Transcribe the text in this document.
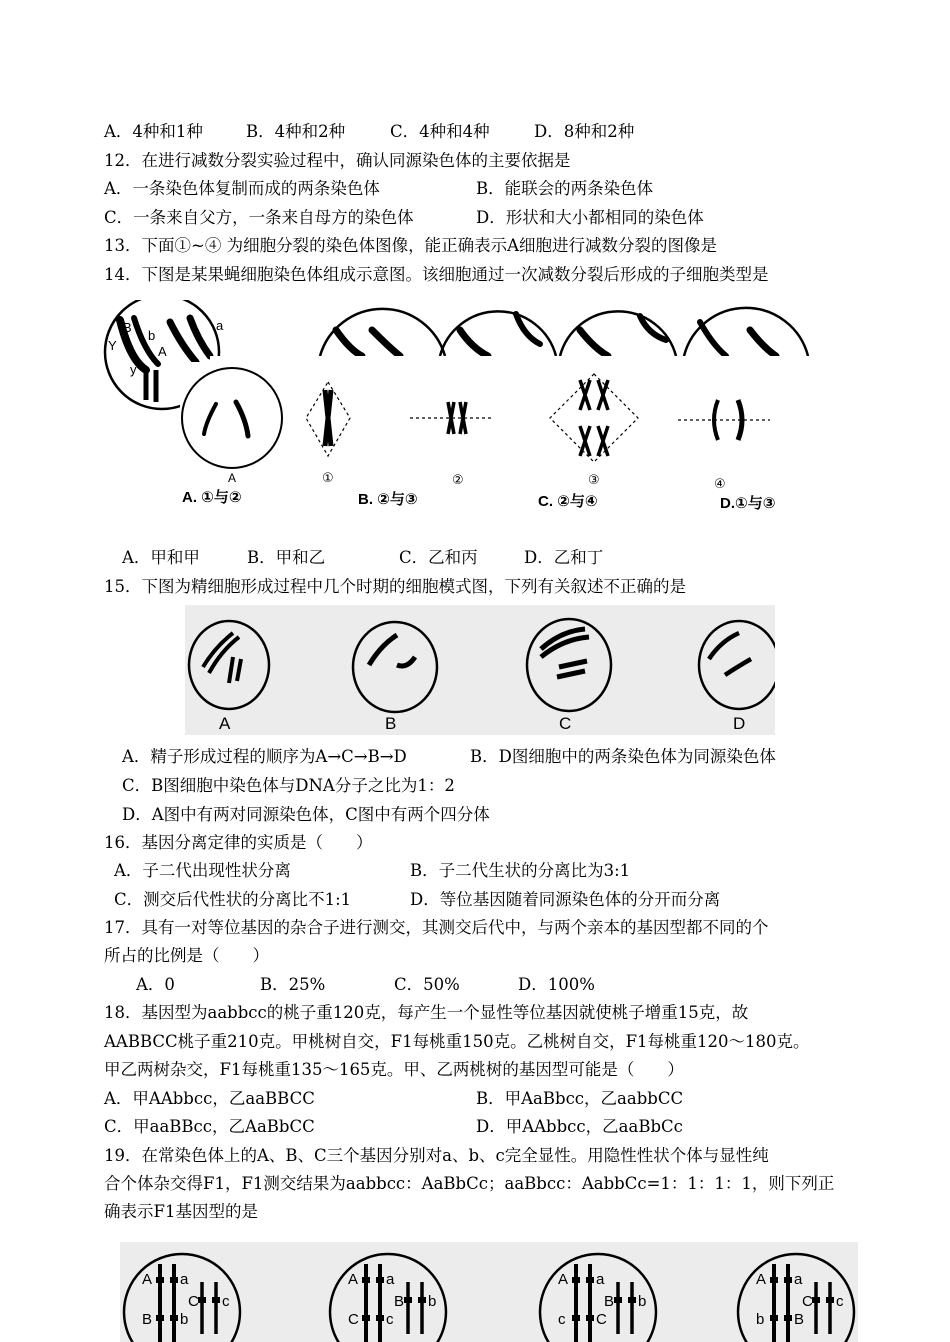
A．4种和1种	B．4种和2种	C．4种和4种	D．8种和2种
12．在进行减数分裂实验过程中，确认同源染色体的主要依据是
A．一条染色体复制而成的两条染色体	B．能联会的两条染色体
C．一条来自父方，一条来自母方的染色体	D．形状和大小都相同的染色体
13．下面①~④ 为细胞分裂的染色体图像，能正确表示A细胞进行减数分裂的图像是
14．下图是某果蝇细胞染色体组成示意图。该细胞通过一次减数分裂后形成的子细胞类型是
B
b
A
a
Y
y
A	①	②	③	④
A. ①与②	B. ②与③	C. ②与④	D.①与③
A．甲和甲	B．甲和乙	C．乙和丙	D．乙和丁
15．下图为精细胞形成过程中几个时期的细胞模式图，下列有关叙述不正确的是
A	B	C	D
A．精子形成过程的顺序为A→C→B→D	B．D图细胞中的两条染色体为同源染色体
C．B图细胞中染色体与DNA分子之比为1：2
D．A图中有两对同源染色体，C图中有两个四分体
16．基因分离定律的实质是（　　）
A．子二代出现性状分离	B．子二代生状的分离比为3:1
C．测交后代性状的分离比不1:1	D．等位基因随着同源染色体的分开而分离
17．具有一对等位基因的杂合子进行测交，其测交后代中，与两个亲本的基因型都不同的个
所占的比例是（　　）
A．0	B．25%	C．50%	D．100%
18．基因型为aabbcc的桃子重120克，每产生一个显性等位基因就使桃子增重15克，故
AABBCC桃子重210克。甲桃树自交，F1每桃重150克。乙桃树自交，F1每桃重120～180克。
甲乙两树杂交，F1每桃重135～165克。甲、乙两桃树的基因型可能是（　　）
A．甲AAbbcc，乙aaBBCC	B．甲AaBbcc，乙aabbCC
C．甲aaBBcc，乙AaBbCC	D．甲AAbbcc，乙aaBbCc
19．在常染色体上的A、B、C三个基因分别对a、b、c完全显性。用隐性性状个体与显性纯
合个体杂交得F1，F1测交结果为aabbcc：AaBbCc；aaBbcc：AabbCc=1：1：1：1，则下列正
确表示F1基因型的是
A
B
a
b
C c
A
C
a
c
B b
A
c
a
C
B b
A
b
a
B
C c
